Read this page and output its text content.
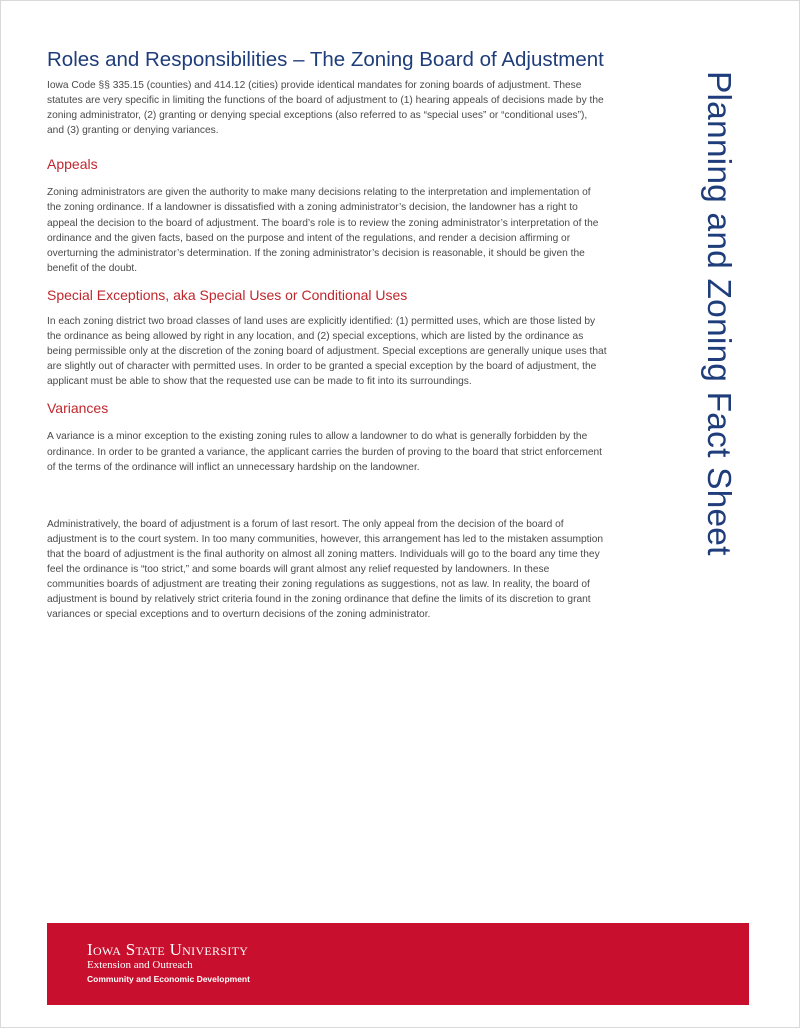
Roles and Responsibilities – The Zoning Board of Adjustment

Iowa Code §§ 335.15 (counties) and 414.12 (cities) provide identical mandates for zoning boards of adjustment. These statutes are very specific in limiting the functions of the board of adjustment to (1) hearing appeals of decisions made by the zoning administrator, (2) granting or denying special exceptions (also referred to as “special uses” or “conditional uses”), and (3) granting or denying variances.

Appeals

Zoning administrators are given the authority to make many decisions relating to the interpretation and implementation of the zoning ordinance. If a landowner is dissatisfied with a zoning administrator’s decision, the landowner has a right to appeal the decision to the board of adjustment. The board’s role is to review the zoning administrator’s interpretation of the ordinance and the given facts, based on the purpose and intent of the regulations, and render a decision affirming or overturning the administrator’s determination. If the zoning administrator’s decision is reasonable, it should be given the benefit of the doubt.

Special Exceptions, aka Special Uses or Conditional Uses

In each zoning district two broad classes of land uses are explicitly identified: (1) permitted uses, which are those listed by the ordinance as being allowed by right in any location, and (2) special exceptions, which are listed by the ordinance as being permissible only at the discretion of the zoning board of adjustment. Special exceptions are generally unique uses that are slightly out of character with permitted uses. In order to be granted a special exception by the board of adjustment, the applicant must be able to show that the requested use can be made to fit into its surroundings.

Variances

A variance is a minor exception to the existing zoning rules to allow a landowner to do what is generally forbidden by the ordinance. In order to be granted a variance, the applicant carries the burden of proving to the board that strict enforcement of the terms of the ordinance will inflict an unnecessary hardship on the landowner.

Administratively, the board of adjustment is a forum of last resort. The only appeal from the decision of the board of adjustment is to the court system. In too many communities, however, this arrangement has led to the mistaken assumption that the board of adjustment is the final authority on almost all zoning matters. Individuals will go to the board any time they feel the ordinance is “too strict,” and some boards will grant almost any relief requested by landowners. In these communities boards of adjustment are treating their zoning regulations as suggestions, not as law. In reality, the board of adjustment is bound by relatively strict criteria found in the zoning ordinance that define the limits of its discretion to grant variances or special exceptions and to overturn decisions of the zoning administrator.

Planning and Zoning Fact Sheet
Iowa State University
Extension and Outreach
Community and Economic Development
